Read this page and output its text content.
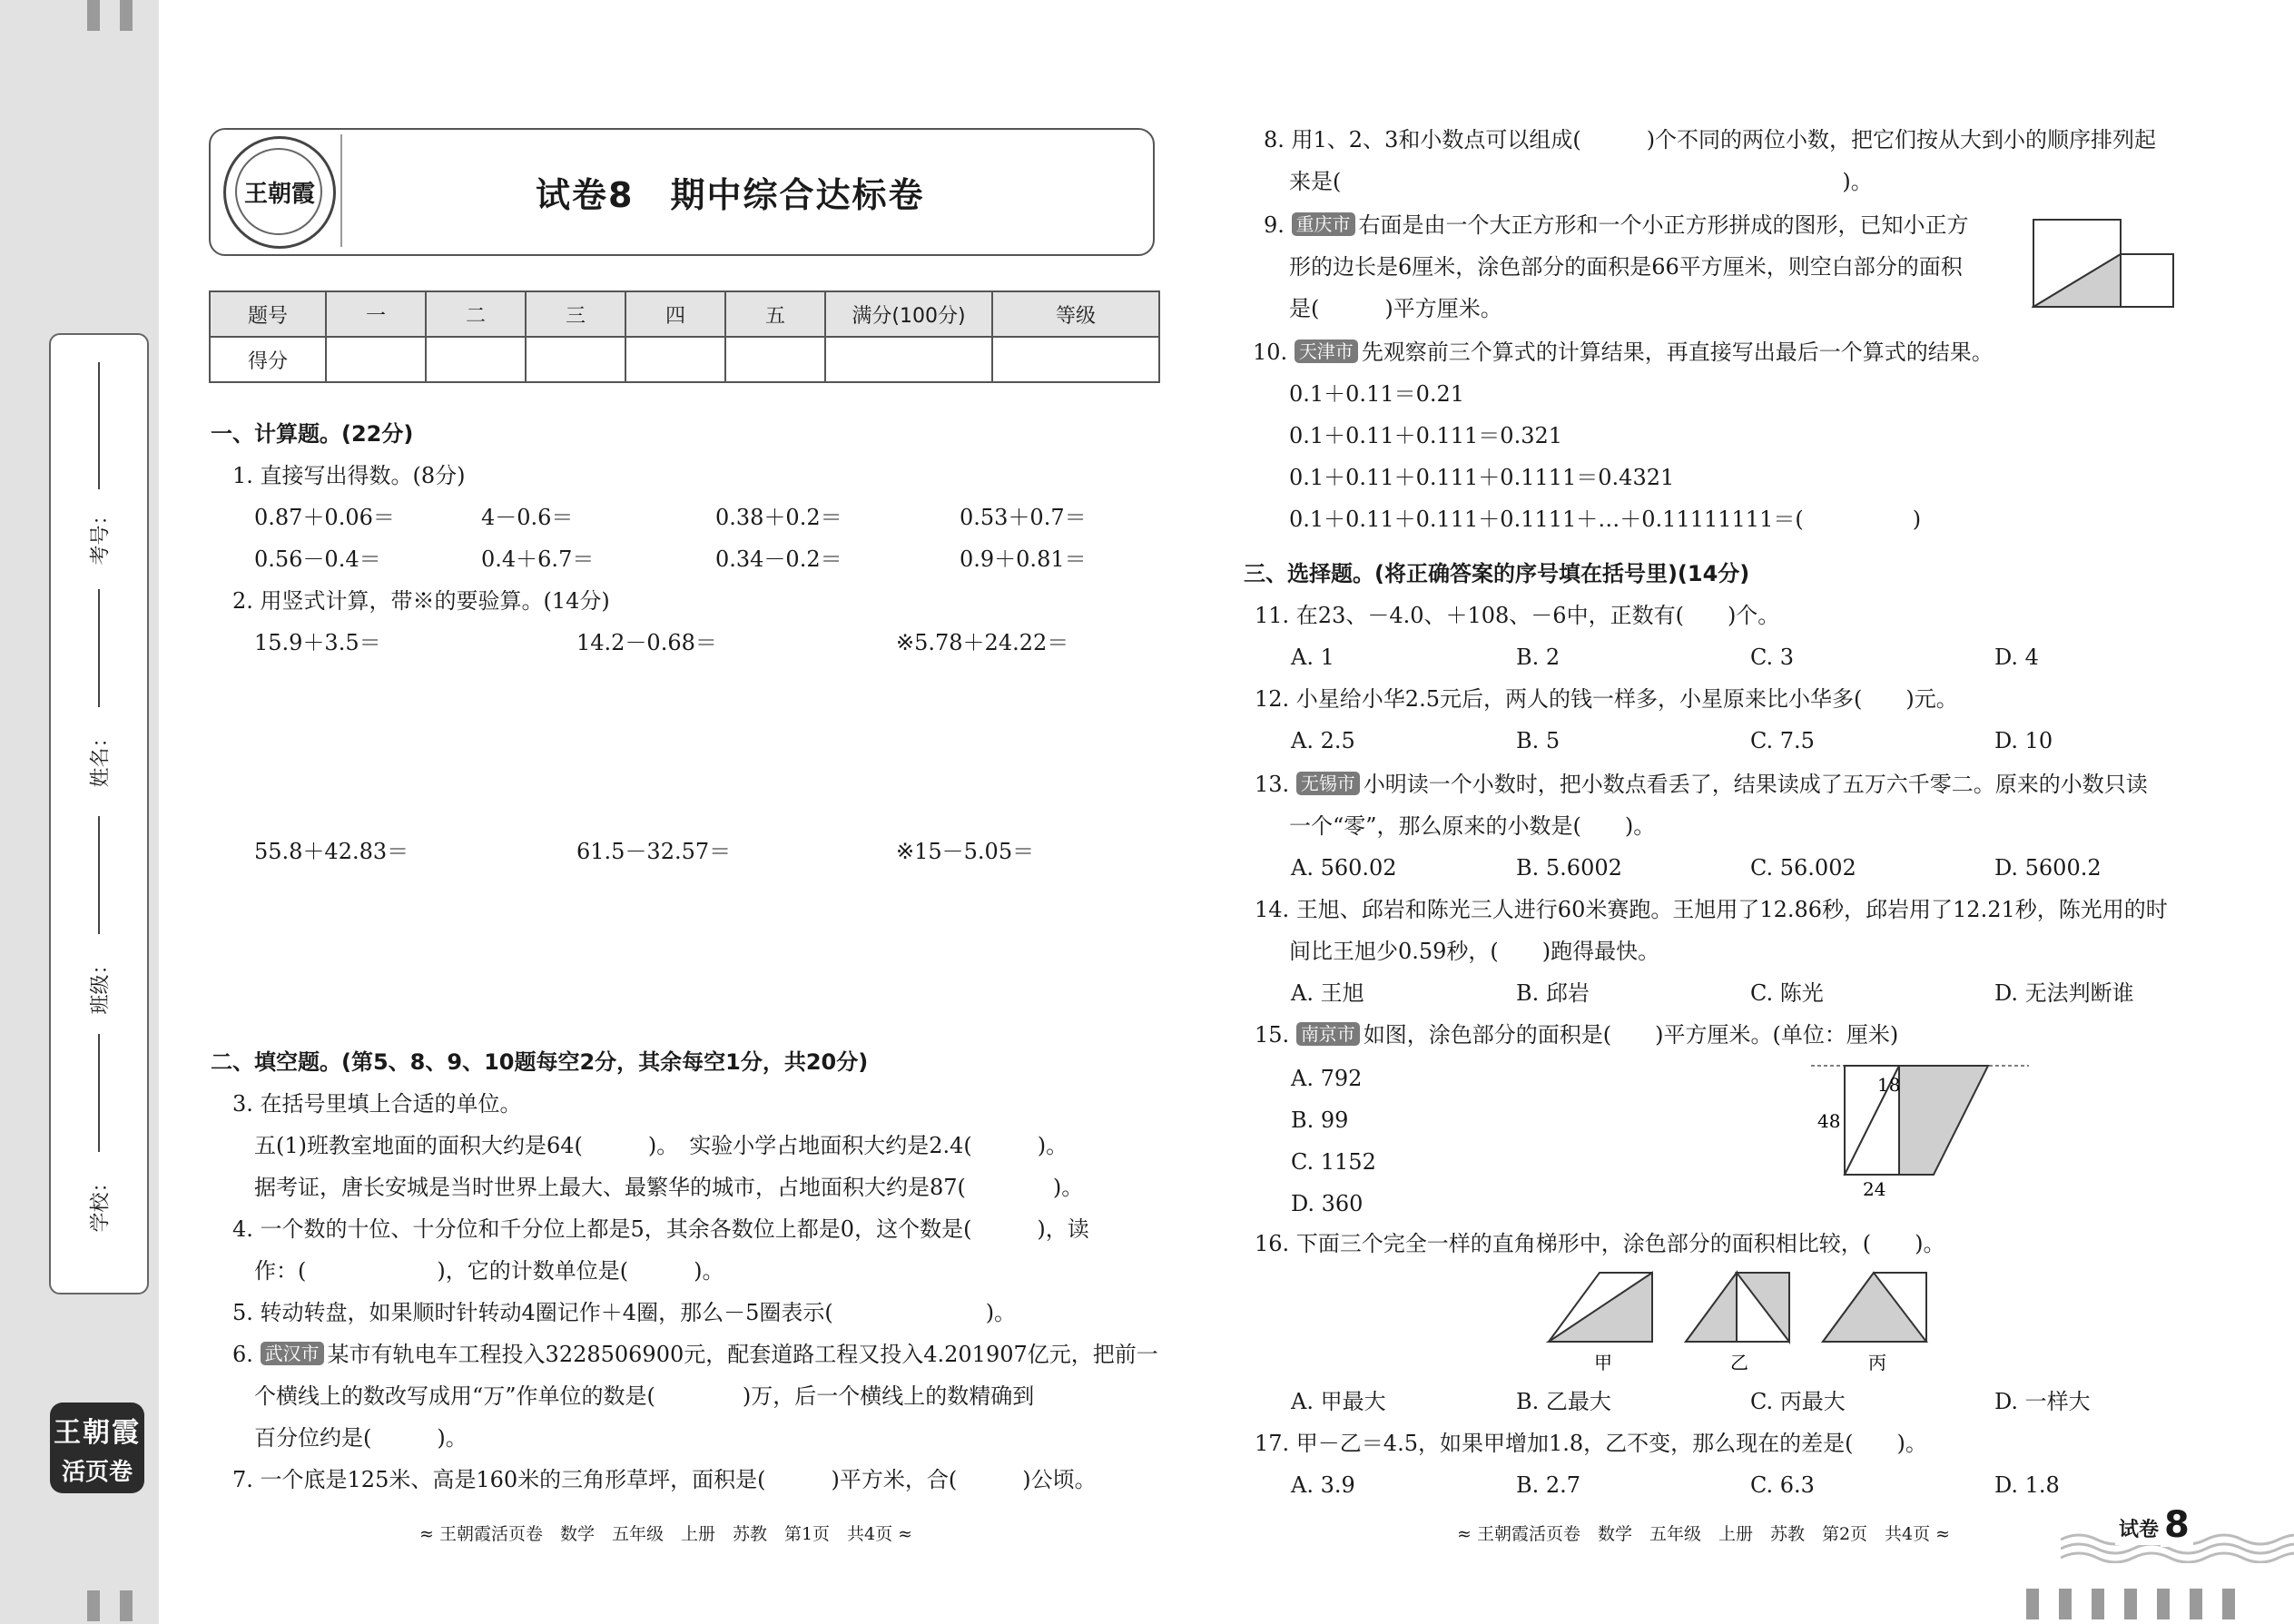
考号：
姓名：
班级：
学校：
王朝霞
活页卷
王朝霞	试卷8　期中综合达标卷
题号	一	二	三	四	五	满分(100分)	等级
得分							
一、计算题。(22分)
1. 直接写出得数。(8分)
0.87＋0.06＝	4－0.6＝	0.38＋0.2＝	0.53＋0.7＝
0.56－0.4＝	0.4＋6.7＝	0.34－0.2＝	0.9＋0.81＝
2. 用竖式计算，带※的要验算。(14分)
15.9＋3.5＝	14.2－0.68＝	※5.78＋24.22＝
55.8＋42.83＝	61.5－32.57＝	※15－5.05＝
二、填空题。(第5、8、9、10题每空2分，其余每空1分，共20分)
3. 在括号里填上合适的单位。
五(1)班教室地面的面积大约是64(　　　)。　实验小学占地面积大约是2.4(　　　)。
据考证，唐长安城是当时世界上最大、最繁华的城市，占地面积大约是87(　　　　)。
4. 一个数的十位、十分位和千分位上都是5，其余各数位上都是0，这个数是(　　　)，读
作：(　　　　　　)，它的计数单位是(　　　)。
5. 转动转盘，如果顺时针转动4圈记作＋4圈，那么－5圈表示(　　　　　　　)。
6. 武汉市 某市有轨电车工程投入3228506900元，配套道路工程又投入4.201907亿元，把前一
个横线上的数改写成用“万”作单位的数是(　　　　)万，后一个横线上的数精确到
百分位约是(　　　)。
7. 一个底是125米、高是160米的三角形草坪，面积是(　　　)平方米，合(　　　)公顷。
≈ 王朝霞活页卷　数学　五年级　上册　苏教　第1页　共4页 ≈
8. 用1、2、3和小数点可以组成(　　　)个不同的两位小数，把它们按从大到小的顺序排列起
来是(　　　　　　　　　　　　　　　　　　　　　　　)。
9. 重庆市 右面是由一个大正方形和一个小正方形拼成的图形，已知小正方
形的边长是6厘米，涂色部分的面积是66平方厘米，则空白部分的面积
是(　　　)平方厘米。
10. 天津市 先观察前三个算式的计算结果，再直接写出最后一个算式的结果。
0.1＋0.11＝0.21
0.1＋0.11＋0.111＝0.321
0.1＋0.11＋0.111＋0.1111＝0.4321
0.1＋0.11＋0.111＋0.1111＋…＋0.11111111＝(　　　　　)
三、选择题。(将正确答案的序号填在括号里)(14分)
11. 在23、－4.0、＋108、－6中，正数有(　　)个。
A. 1	B. 2	C. 3	D. 4
12. 小星给小华2.5元后，两人的钱一样多，小星原来比小华多(　　)元。
A. 2.5	B. 5	C. 7.5	D. 10
13. 无锡市 小明读一个小数时，把小数点看丢了，结果读成了五万六千零二。原来的小数只读
一个“零”，那么原来的小数是(　　)。
A. 560.02	B. 5.6002	C. 56.002	D. 5600.2
14. 王旭、邱岩和陈光三人进行60米赛跑。王旭用了12.86秒，邱岩用了12.21秒，陈光用的时
间比王旭少0.59秒，(　　)跑得最快。
A. 王旭	B. 邱岩	C. 陈光	D. 无法判断谁
15. 南京市 如图，涂色部分的面积是(　　)平方厘米。(单位：厘米)
A. 792
B. 99
C. 1152
D. 360
18
48
24
16. 下面三个完全一样的直角梯形中，涂色部分的面积相比较，(　　)。
甲	乙	丙
A. 甲最大	B. 乙最大	C. 丙最大	D. 一样大
17. 甲－乙＝4.5，如果甲增加1.8，乙不变，那么现在的差是(　　)。
A. 3.9	B. 2.7	C. 6.3	D. 1.8
≈ 王朝霞活页卷　数学　五年级　上册　苏教　第2页　共4页 ≈	试卷 8
